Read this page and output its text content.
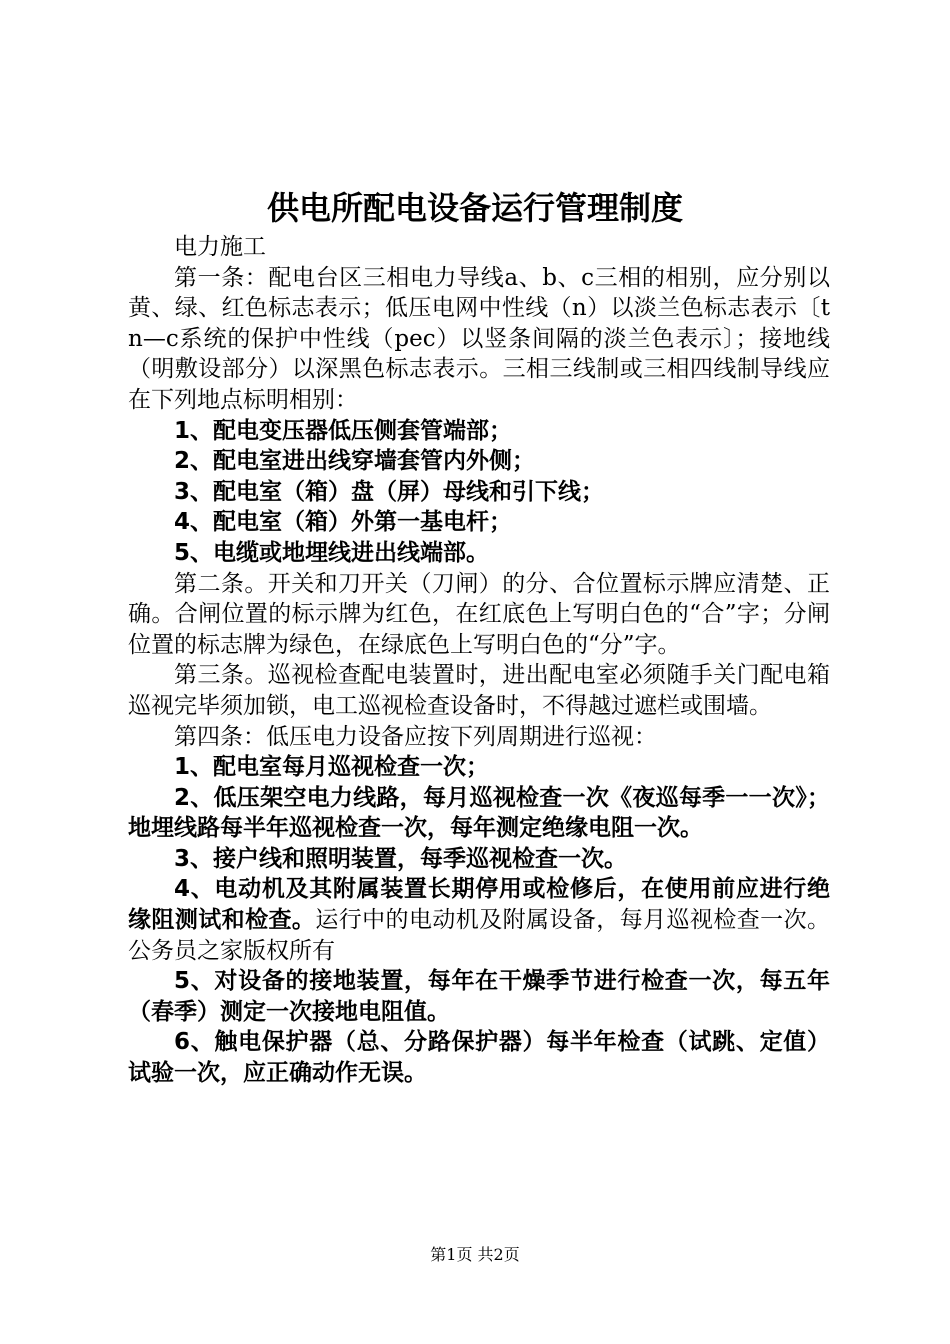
供电所配电设备运行管理制度

电力施工

第一条：配电台区三相电力导线a、b、c三相的相别，应分别以黄、绿、红色标志表示；低压电网中性线（n）以淡兰色标志表示〔tn—c系统的保护中性线（pec）以竖条间隔的淡兰色表示〕；接地线（明敷设部分）以深黑色标志表示。三相三线制或三相四线制导线应在下列地点标明相别：

1、配电变压器低压侧套管端部；

2、配电室进出线穿墙套管内外侧；

3、配电室（箱）盘（屏）母线和引下线；

4、配电室（箱）外第一基电杆；

5、电缆或地埋线进出线端部。

第二条。开关和刀开关（刀闸）的分、合位置标示牌应清楚、正确。合闸位置的标示牌为红色，在红底色上写明白色的“合”字；分闸位置的标志牌为绿色，在绿底色上写明白色的“分”字。

第三条。巡视检查配电装置时，进出配电室必须随手关门配电箱巡视完毕须加锁，电工巡视检查设备时，不得越过遮栏或围墙。

第四条：低压电力设备应按下列周期进行巡视：

1、配电室每月巡视检查一次；

2、低压架空电力线路，每月巡视检查一次《夜巡每季一一次》；地埋线路每半年巡视检查一次，每年测定绝缘电阻一次。

3、接户线和照明装置，每季巡视检查一次。

4、电动机及其附属装置长期停用或检修后，在使用前应进行绝缘阻测试和检查。运行中的电动机及附属设备，每月巡视检查一次。公务员之家版权所有

5、对设备的接地装置，每年在干燥季节进行检查一次，每五年（春季）测定一次接地电阻值。

6、触电保护器（总、分路保护器）每半年检查（试跳、定值）试验一次，应正确动作无误。

第1页 共2页
